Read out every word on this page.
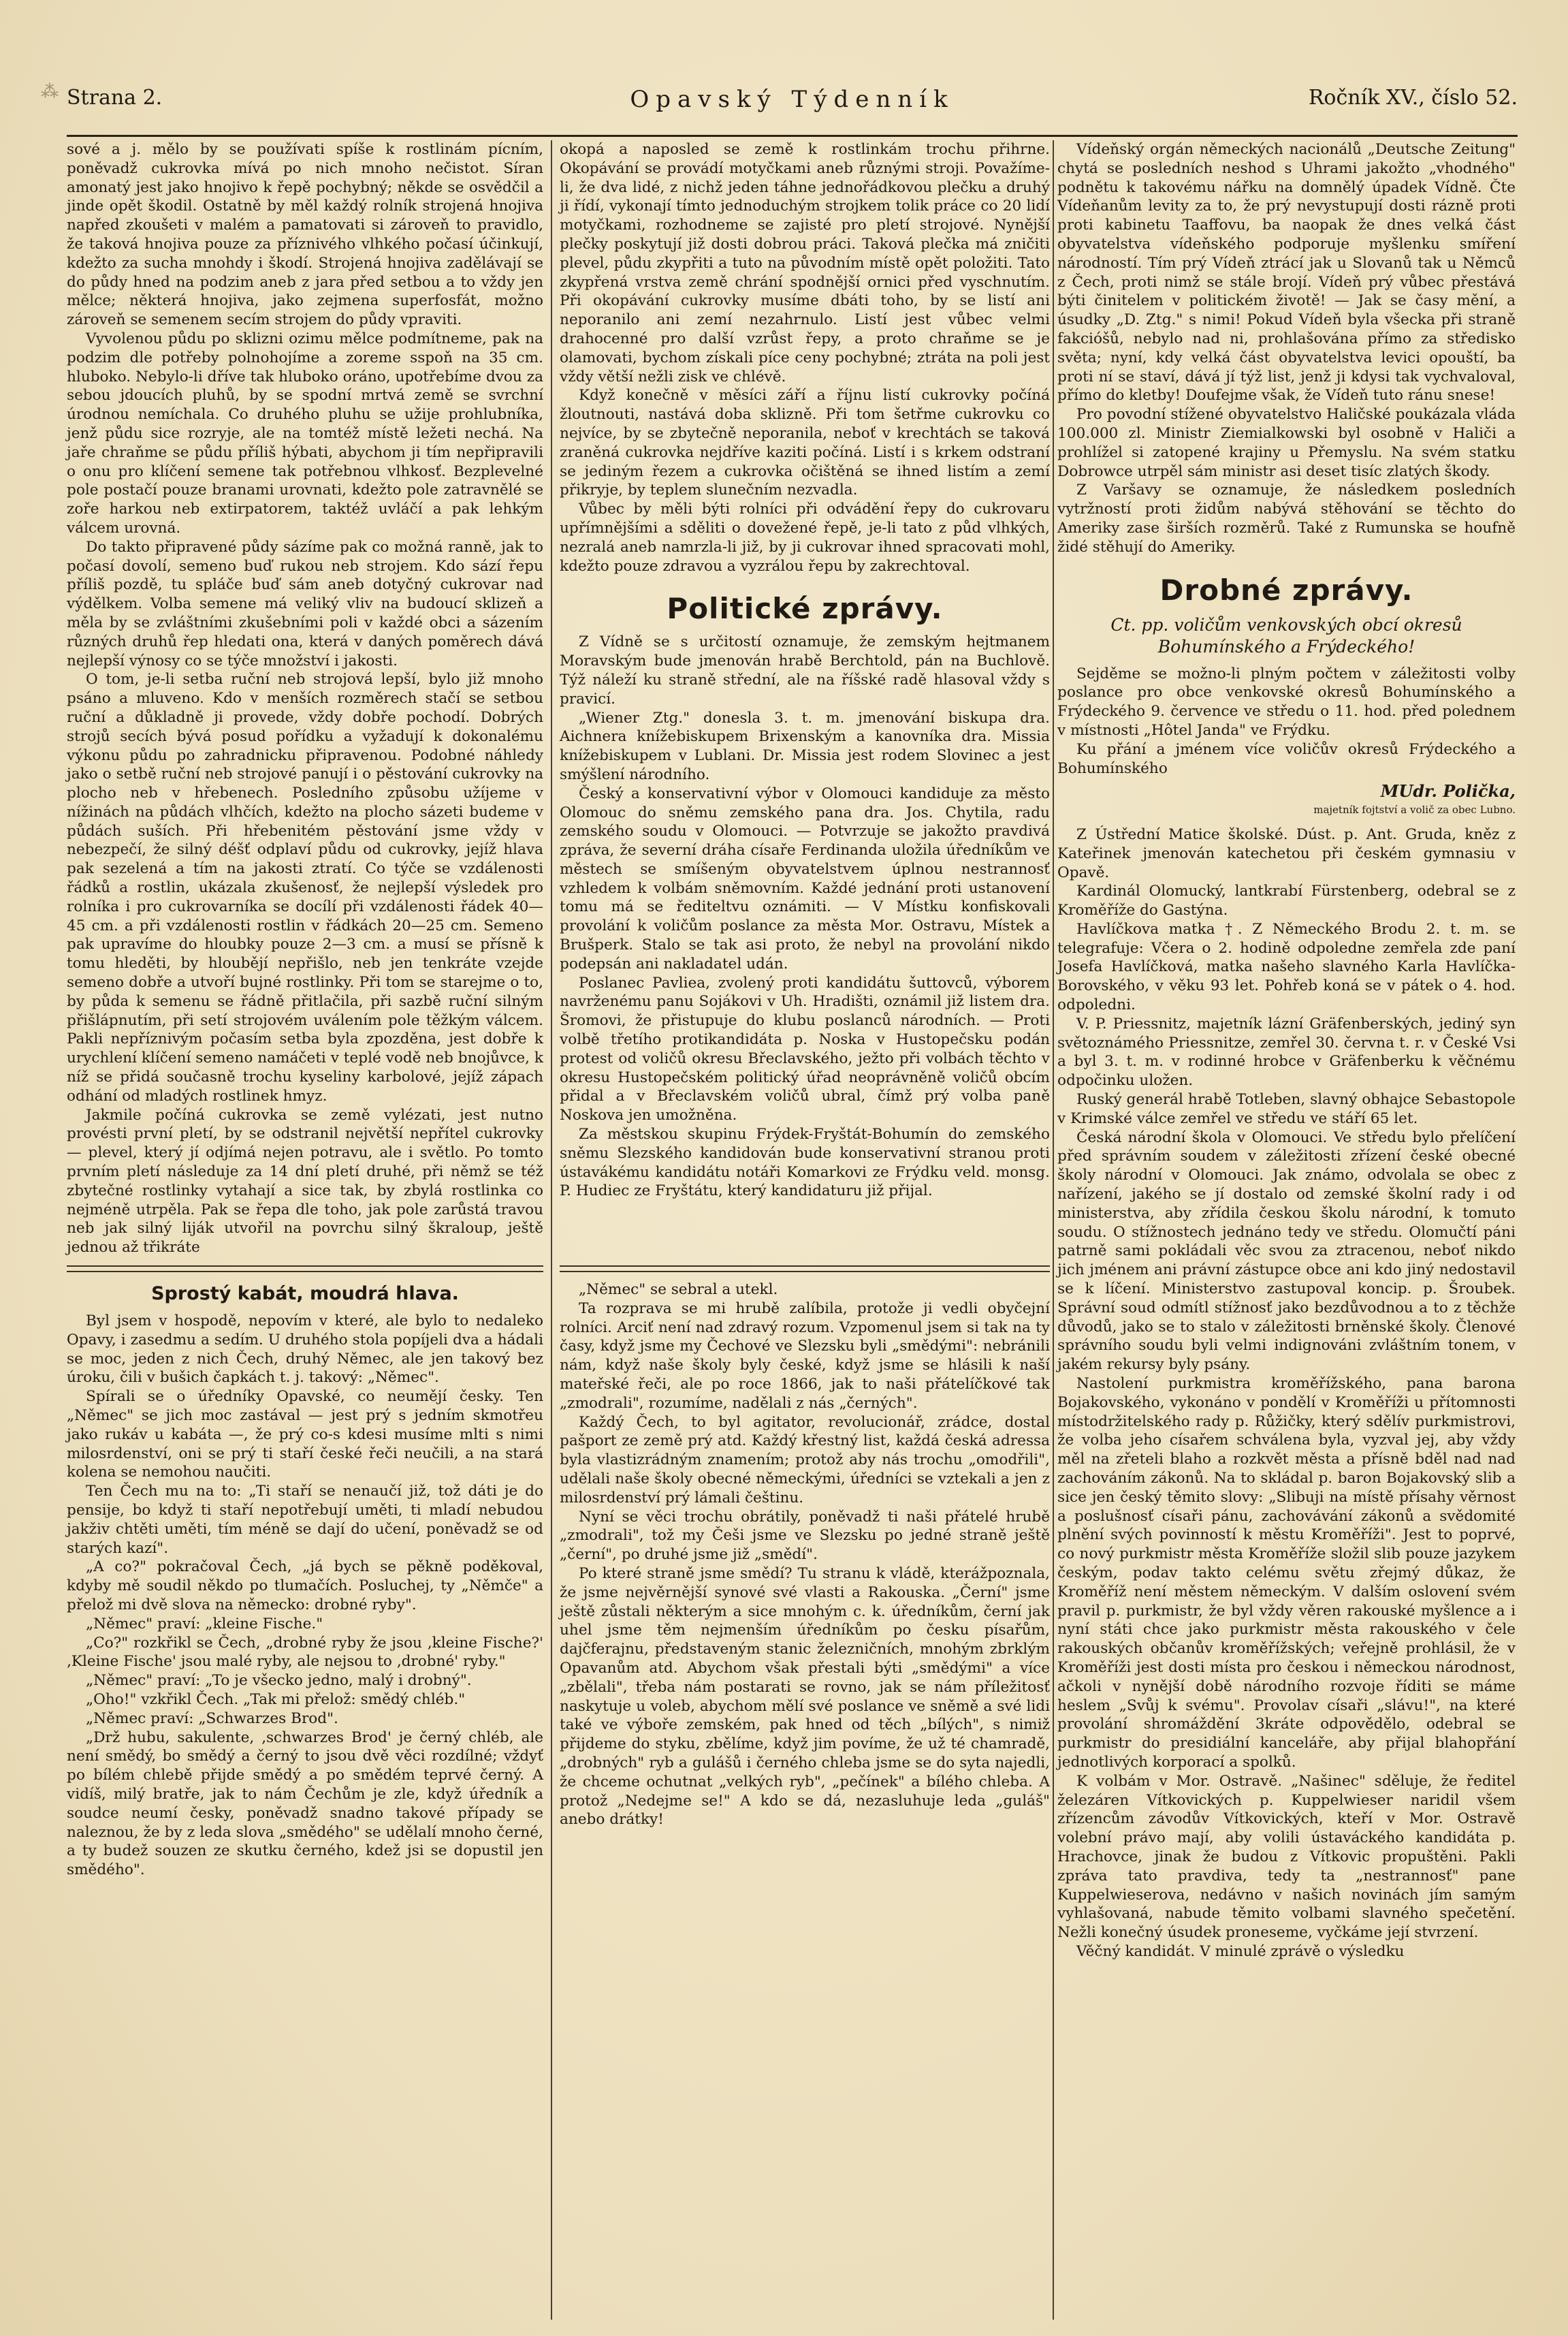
⁂ Strana 2.	Opavský Týdenník	Ročník XV., číslo 52.

sové a j. mělo by se používati spíše k rostlinám pícním, poněvadž cukrovka mívá po nich mnoho nečistot. Síran amonatý jest jako hnojivo k řepě pochybný; někde se osvědčil a jinde opět škodil. Ostatně by měl každý rolník strojená hnojiva napřed zkoušeti v malém a pamatovati si zároveň to pravidlo, že taková hnojiva pouze za příznivého vlhkého počasí účinkují, kdežto za sucha mnohdy i škodí. Strojená hnojiva zadělávají se do půdy hned na podzim aneb z jara před setbou a to vždy jen mělce; některá hnojiva, jako zejmena superfosfát, možno zároveň se semenem secím strojem do půdy vpraviti.

Vyvolenou půdu po sklizni ozimu mělce podmítneme, pak na podzim dle potřeby polnohojíme a zoreme sspoň na 35 cm. hluboko. Nebylo-li dříve tak hluboko oráno, upotřebíme dvou za sebou jdoucích pluhů, by se spodní mrtvá země se svrchní úrodnou nemíchala. Co druhého pluhu se užije prohlubníka, jenž půdu sice rozryje, ale na tomtéž místě ležeti nechá. Na jaře chraňme se půdu příliš hýbati, abychom ji tím nepřipravili o onu pro klíčení semene tak potřebnou vlhkosť. Bezplevelné pole postačí pouze branami urovnati, kdežto pole zatravnělé se zoře harkou neb extirpatorem, taktéž uvláčí a pak lehkým válcem urovná.

Do takto připravené půdy sázíme pak co možná ranně, jak to počasí dovolí, semeno buď rukou neb strojem. Kdo sází řepu příliš pozdě, tu spláče buď sám aneb dotyčný cukrovar nad výdělkem. Volba semene má veliký vliv na budoucí sklizeň a měla by se zvláštními zkušebními poli v každé obci a sázením různých druhů řep hledati ona, která v daných poměrech dává nejlepší výnosy co se týče množství i jakosti.

O tom, je-li setba ruční neb strojová lepší, bylo již mnoho psáno a mluveno. Kdo v menších rozměrech stačí se setbou ruční a důkladně ji provede, vždy dobře pochodí. Dobrých strojů secích bývá posud pořídku a vyžadují k dokonalému výkonu půdu po zahradnicku připravenou. Podobné náhledy jako o setbě ruční neb strojové panují i o pěstování cukrovky na plocho neb v hřebenech. Posledního způsobu užíjeme v nížinách na půdách vlhčích, kdežto na plocho sázeti budeme v půdách suších. Při hřebenitém pěstování jsme vždy v nebezpečí, že silný déšť odplaví půdu od cukrovky, jejíž hlava pak sezelená a tím na jakosti ztratí. Co týče se vzdálenosti řádků a rostlin, ukázala zkušenosť, že nejlepší výsledek pro rolníka i pro cukrovarníka se docílí při vzdálenosti řádek 40—45 cm. a při vzdálenosti rostlin v řádkách 20—25 cm. Semeno pak upravíme do hloubky pouze 2—3 cm. a musí se přísně k tomu hleděti, by hloubějí nepřišlo, neb jen tenkráte vzejde semeno dobře a utvoří bujné rostlinky. Při tom se starejme o to, by půda k semenu se řádně přitlačila, při sazbě ruční silným přišlápnutím, při setí strojovém uválením pole těžkým válcem. Pakli nepříznivým počasím setba byla zpozděna, jest dobře k urychlení klíčení semeno namáčeti v teplé vodě neb bnojůvce, k níž se přidá současně trochu kyseliny karbolové, jejíž zápach odhání od mladých rostlinek hmyz.

Jakmile počíná cukrovka se země vylézati, jest nutno provésti první pletí, by se odstranil největší nepřítel cukrovky — plevel, který jí odjímá nejen potravu, ale i světlo. Po tomto prvním pletí následuje za 14 dní pletí druhé, při němž se též zbytečné rostlinky vytahají a sice tak, by zbylá rostlinka co nejméně utrpěla. Pak se řepa dle toho, jak pole zarůstá travou neb jak silný liják utvořil na povrchu silný škraloup, ještě jednou až třikráte

Sprostý kabát, moudrá hlava.

Byl jsem v hospodě, nepovím v které, ale bylo to nedaleko Opavy, i zasedmu a sedím. U druhého stola popíjeli dva a hádali se moc, jeden z nich Čech, druhý Němec, ale jen takový bez úroku, čili v bušich čapkách t. j. takový: „Němec".

Spírali se o úředníky Opavské, co neumějí česky. Ten „Němec" se jich moc zastával — jest prý s jedním skmotřeu jako rukáv u kabáta —, že prý co-s kdesi musíme mlti s nimi milosrdenství, oni se prý ti staří české řeči neučili, a na stará kolena se nemohou naučiti.

Ten Čech mu na to: „Ti staří se nenaučí již, tož dáti je do pensije, bo když ti staří nepotřebují uměti, ti mladí nebudou jakživ chtěti uměti, tím méně se dají do učení, poněvadž se od starých kazí".

„A co?" pokračoval Čech, „já bych se pěkně poděkoval, kdyby mě soudil někdo po tlumačích. Posluchej, ty „Němče" a přelož mi dvě slova na německo: drobné ryby".

„Němec" praví: „kleine Fische."

„Co?" rozkřikl se Čech, „drobné ryby že jsou ‚kleine Fische?' ‚Kleine Fische' jsou malé ryby, ale nejsou to ‚drobné' ryby."

„Němec" praví: „To je všecko jedno, malý i drobný".

„Oho!" vzkřikl Čech. „Tak mi přelož: smědý chléb."

„Němec praví: „Schwarzes Brod".

„Drž hubu, sakulente, ‚schwarzes Brod' je černý chléb, ale není smědý, bo smědý a černý to jsou dvě věci rozdílné; vždyť po bílém chlebě přijde smědý a po smědém teprvé černý. A vidíš, milý bratře, jak to nám Čechům je zle, když úředník a soudce neumí česky, poněvadž snadno takové případy se naleznou, že by z leda slova „smědého" se udělalí mnoho černé, a ty budež souzen ze skutku černého, kdež jsi se dopustil jen smědého".

okopá a naposled se země k rostlinkám trochu přihrne. Okopávání se provádí motyčkami aneb různými stroji. Považíme-li, že dva lidé, z nichž jeden táhne jednořádkovou plečku a druhý ji řídí, vykonají tímto jednoduchým strojkem tolik práce co 20 lidí motyčkami, rozhodneme se zajisté pro pletí strojové. Nynější plečky poskytují již dosti dobrou práci. Taková plečka má zničiti plevel, půdu zkypřiti a tuto na původním místě opět položiti. Tato zkypřená vrstva země chrání spodnější ornici před vyschnutím. Při okopávání cukrovky musíme dbáti toho, by se listí ani neporanilo ani zemí nezahrnulo. Listí jest vůbec velmi drahocenné pro další vzrůst řepy, a proto chraňme se je olamovati, bychom získali píce ceny pochybné; ztráta na poli jest vždy větší nežli zisk ve chlévě.

Když konečně v měsíci září a říjnu listí cukrovky počíná žloutnouti, nastává doba sklizně. Při tom šetřme cukrovku co nejvíce, by se zbytečně neporanila, neboť v krechtách se taková zraněná cukrovka nejdříve kaziti počíná. Listí i s krkem odstraní se jediným řezem a cukrovka očištěná se ihned listím a zemí přikryje, by teplem slunečním nezvadla.

Vůbec by měli býti rolníci při odvádění řepy do cukrovaru upřímnějšími a sděliti o dovežené řepě, je-li tato z půd vlhkých, nezralá aneb namrzla-li již, by ji cukrovar ihned spracovati mohl, kdežto pouze zdravou a vyzrálou řepu by zakrechtoval.

Politické zprávy.

Z Vídně se s určitostí oznamuje, že zemským hejtmanem Moravským bude jmenován hrabě Berchtold, pán na Buchlově. Týž náleží ku straně střední, ale na říšské radě hlasoval vždy s pravicí.

„Wiener Ztg." donesla 3. t. m. jmenování biskupa dra. Aichnera knížebiskupem Brixenským a kanovníka dra. Missia knížebiskupem v Lublani. Dr. Missia jest rodem Slovinec a jest smýšlení národního.

Český a konservativní výbor v Olomouci kandiduje za město Olomouc do sněmu zemského pana dra. Jos. Chytila, radu zemského soudu v Olomouci. — Potvrzuje se jakožto pravdivá zpráva, že severní dráha císaře Ferdinanda uložila úředníkům ve městech se smíšeným obyvatelstvem úplnou nestrannosť vzhledem k volbám sněmovním. Každé jednání proti ustanovení tomu má se řediteltvu oznámiti. — V Místku konfiskovali provolání k voličům poslance za města Mor. Ostravu, Místek a Brušperk. Stalo se tak asi proto, že nebyl na provolání nikdo podepsán ani nakladatel udán.

Poslanec Pavliea, zvolený proti kandidátu šuttovců, výborem navrženému panu Sojákovi v Uh. Hradišti, oznámil již listem dra. Šromovi, že přistupuje do klubu poslanců národních. — Proti volbě třetího protikandidáta p. Noska v Hustopečsku podán protest od voličů okresu Břeclavského, ježto při volbách těchto v okresu Hustopečském politický úřad neoprávněně voličů obcím přidal a v Břeclavském voličů ubral, čímž prý volba paně Noskova jen umožněna.

Za městskou skupinu Frýdek-Fryštát-Bohumín do zemského sněmu Slezského kandidován bude konservativní stranou proti ústavákému kandidátu notáři Komarkovi ze Frýdku veld. monsg. P. Hudiec ze Fryštátu, který kandidaturu již přijal.

„Němec" se sebral a utekl.

Ta rozprava se mi hrubě zalíbila, protože ji vedli obyčejní rolníci. Arciť není nad zdravý rozum. Vzpomenul jsem si tak na ty časy, když jsme my Čechové ve Slezsku byli „smědými": nebránili nám, když naše školy byly české, když jsme se hlásili k naší mateřské řeči, ale po roce 1866, jak to naši přátelíčkové tak „zmodrali", rozumíme, nadělali z nás „černých".

Každý Čech, to byl agitator, revolucionář, zrádce, dostal pašport ze země prý atd. Každý křestný list, každá česká adressa byla vlastizrádným znamením; protož aby nás trochu „omodřili", udělali naše školy obecné německými, úředníci se vztekali a jen z milosrdenství prý lámali češtinu.

Nyní se věci trochu obrátily, poněvadž ti naši přátelé hrubě „zmodrali", tož my Češi jsme ve Slezsku po jedné straně ještě „černí", po druhé jsme již „smědí".

Po které straně jsme smědí? Tu stranu k vládě, kterážpoznala, že jsme nejvěrnější synové své vlasti a Rakouska. „Černí" jsme ještě zůstali některým a sice mnohým c. k. úředníkům, černí jak uhel jsme těm nejmenším úředníkům po česku písařům, dajčferajnu, představeným stanic železničních, mnohým zbrklým Opavanům atd. Abychom však přestali býti „smědými" a více „zbělali", třeba nám postarati se rovno, jak se nám příležitosť naskytuje u voleb, abychom mělí své poslance ve sněmě a své lidi také ve výboře zemském, pak hned od těch „bílých", s nimiž přijdeme do styku, zbělíme, když jim povíme, že už té chamradě, „drobných" ryb a gulášů i černého chleba jsme se do syta najedli, že chceme ochutnat „velkých ryb", „pečínek" a bílého chleba. A protož „Nedejme se!" A kdo se dá, nezasluhuje leda „guláš" anebo drátky!

Vídeňský orgán německých nacionálů „Deutsche Zeitung" chytá se posledních neshod s Uhrami jakožto „vhodného" podnětu k takovému nářku na domnělý úpadek Vídně. Čte Vídeňanům levity za to, že prý nevystupují dosti rázně proti proti kabinetu Taaffovu, ba naopak že dnes velká část obyvatelstva vídeňského podporuje myšlenku smíření národností. Tím prý Vídeň ztrácí jak u Slovanů tak u Němců z Čech, proti nimž se stále brojí. Vídeň prý vůbec přestává býti činitelem v politickém životě! — Jak se časy mění, a úsudky „D. Ztg." s nimi! Pokud Vídeň byla všecka při straně fakcióšů, nebylo nad ni, prohlašována přímo za středisko světa; nyní, kdy velká část obyvatelstva levici opouští, ba proti ní se staví, dává jí týž list, jenž ji kdysi tak vychvaloval, přímo do kletby! Doufejme však, že Vídeň tuto ránu snese!

Pro povodní stížené obyvatelstvo Haličské poukázala vláda 100.000 zl. Ministr Ziemialkowski byl osobně v Haliči a prohlížel si zatopené krajiny u Přemyslu. Na svém statku Dobrowce utrpěl sám ministr asi deset tisíc zlatých škody.

Z Varšavy se oznamuje, že následkem posledních vytržností proti židům nabývá stěhování se těchto do Ameriky zase širších rozměrů. Také z Rumunska se houfně židé stěhují do Ameriky.

Drobné zprávy.
Ct. pp. voličům venkovských obcí okresů Bohumínského a Frýdeckého!

Sejděme se možno-li plným počtem v záležitosti volby poslance pro obce venkovské okresů Bohumínského a Frýdeckého 9. července ve středu o 11. hod. před polednem v místnosti „Hôtel Janda" ve Frýdku.

Ku přání a jménem více voličův okresů Frýdeckého a Bohumínského

MUdr. Polička,
majetník fojtství a volič za obec Lubno.

Z Ústřední Matice školské. Dúst. p. Ant. Gruda, kněz z Kateřinek jmenován katechetou při českém gymnasiu v Opavě.

Kardinál Olomucký, lantkrabí Fürstenberg, odebral se z Kroměříže do Gastýna.

Havlíčkova matka †. Z Německého Brodu 2. t. m. se telegrafuje: Včera o 2. hodině odpoledne zemřela zde paní Josefa Havlíčková, matka našeho slavného Karla Havlíčka-Borovského, v věku 93 let. Pohřeb koná se v pátek o 4. hod. odpoledni.

V. P. Priessnitz, majetník lázní Gräfenberských, jediný syn světoznámého Priessnitze, zemřel 30. června t. r. v České Vsi a byl 3. t. m. v rodinné hrobce v Gräfenberku k věčnému odpočinku uložen.

Ruský generál hrabě Totleben, slavný obhajce Sebastopole v Krimské válce zemřel ve středu ve stáří 65 let.

Česká národní škola v Olomouci. Ve středu bylo přelíčení před správním soudem v záležitosti zřízení české obecné školy národní v Olomouci. Jak známo, odvolala se obec z nařízení, jakého se jí dostalo od zemské školní rady i od ministerstva, aby zřídila českou školu národní, k tomuto soudu. O stížnostech jednáno tedy ve středu. Olomučtí páni patrně sami pokládali věc svou za ztracenou, neboť nikdo jich jménem ani právní zástupce obce ani kdo jiný nedostavil se k líčení. Ministerstvo zastupoval koncip. p. Šroubek. Správní soud odmítl stížnosť jako bezdůvodnou a to z těchže důvodů, jako se to stalo v záležitosti brněnské školy. Členové správního soudu byli velmi indignováni zvláštním tonem, v jakém rekursy byly psány.

Nastolení purkmistra kroměřížského, pana barona Bojakovského, vykonáno v pondělí v Kroměříži u přítomnosti místodržitelského rady p. Růžičky, který sdělív purkmistrovi, že volba jeho císařem schválena byla, vyzval jej, aby vždy měl na zřeteli blaho a rozkvět města a přísně bděl nad nad zachováním zákonů. Na to skládal p. baron Bojakovský slib a sice jen český těmito slovy: „Slibuji na místě přísahy věrnost a poslušnosť císaři pánu, zachovávání zákonů a svědomité plnění svých povinností k městu Kroměříži". Jest to poprvé, co nový purkmistr města Kroměříže složil slib pouze jazykem českým, podav takto celému světu zřejmý důkaz, že Kroměříž není městem německým. V dalším oslovení svém pravil p. purkmistr, že byl vždy věren rakouské myšlence a i nyní státi chce jako purkmistr města rakouského v čele rakouských občanův kroměřížských; veřejně prohlásil, že v Kroměříži jest dosti místa pro českou i německou národnost, ačkoli v nynější době národního rozvoje říditi se máme heslem „Svůj k svému". Provolav císaři „slávu!", na které provolání shromáždění 3kráte odpovědělo, odebral se purkmistr do presidiální kanceláře, aby přijal blahopřání jednotlivých korporací a spolků.

K volbám v Mor. Ostravě. „Našinec" sděluje, že ředitel železáren Vítkovických p. Kuppelwieser naridil všem zřízencům závodův Vítkovických, kteří v Mor. Ostravě volební právo mají, aby volili ústaváckého kandidáta p. Hrachovce, jinak že budou z Vítkovic propuštěni. Pakli zpráva tato pravdiva, tedy ta „nestrannosť" pane Kuppelwieserova, nedávno v našich novinách jím samým vyhlašovaná, nabude těmito volbami slavného spečetění. Nežli konečný úsudek proneseme, vyčkáme její stvrzení.

Věčný kandidát. V minulé zprávě o výsledku
